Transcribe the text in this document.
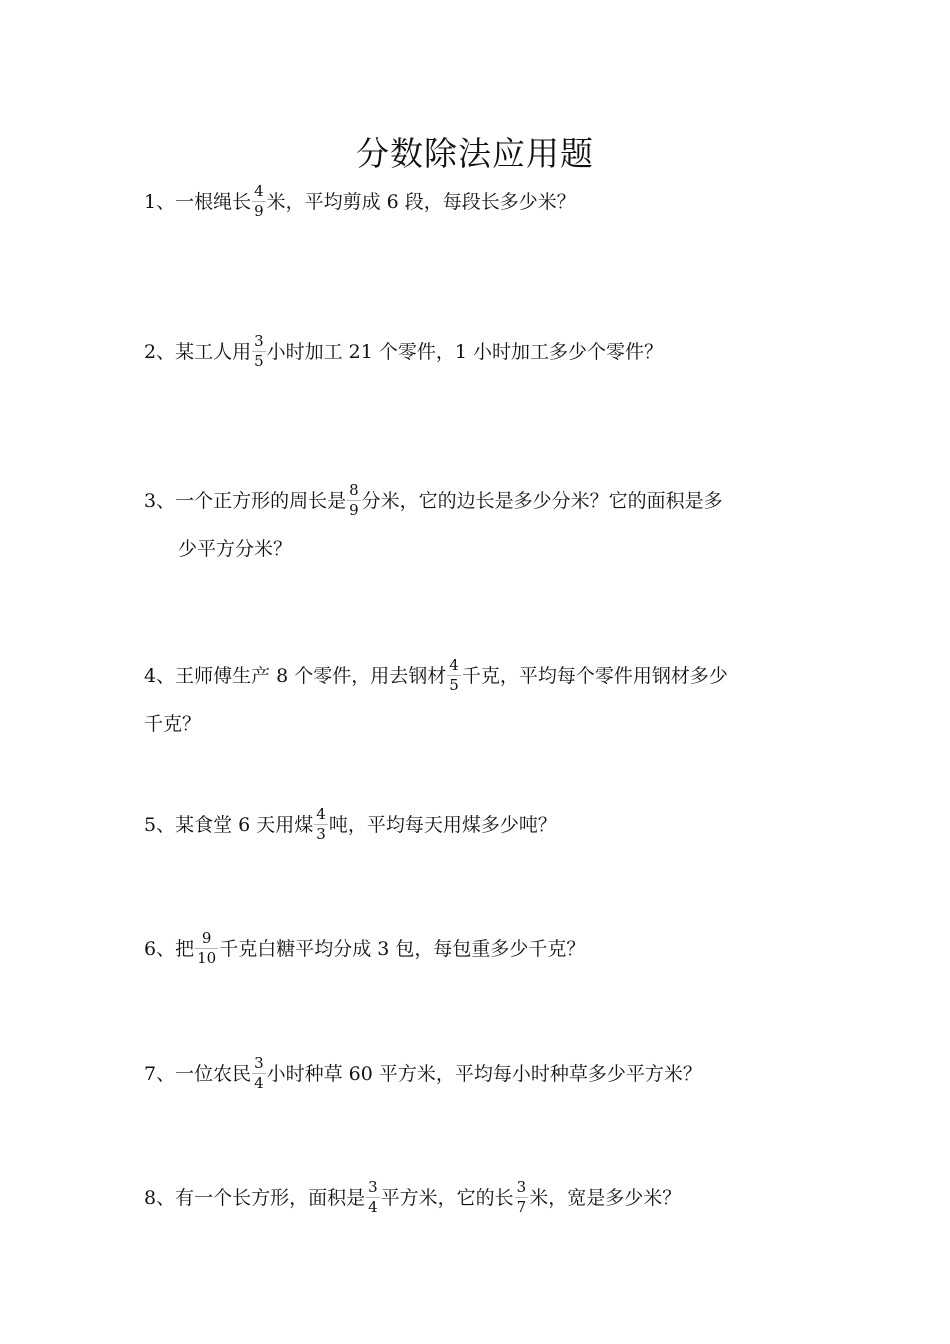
分数除法应用题
1、一根绳长 $\frac{4}{9}$ 米，平均剪成 6 段，每段长多少米？
2、某工人用 $\frac{3}{5}$ 小时加工 21 个零件，1 小时加工多少个零件？
3、一个正方形的周长是 $\frac{8}{9}$ 分米，它的边长是多少分米？它的面积是多
少平方分米？
4、王师傅生产 8 个零件，用去钢材 $\frac{4}{5}$ 千克，平均每个零件用钢材多少
千克？
5、某食堂 6 天用煤 $\frac{4}{3}$ 吨，平均每天用煤多少吨？
6、把 $\frac{9}{10}$ 千克白糖平均分成 3 包，每包重多少千克？
7、一位农民 $\frac{3}{4}$ 小时种草 60 平方米，平均每小时种草多少平方米？
8、有一个长方形，面积是 $\frac{3}{4}$ 平方米，它的长 $\frac{3}{7}$ 米，宽是多少米？
